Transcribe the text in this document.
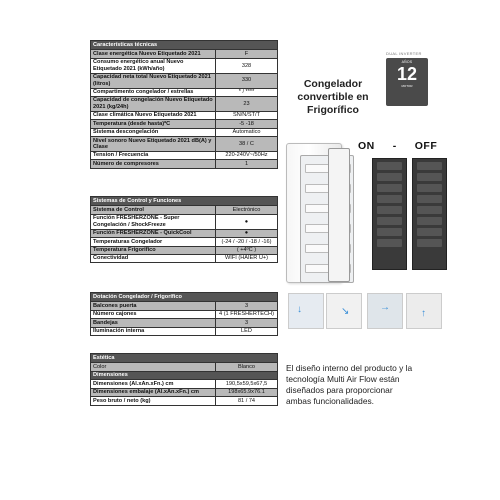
Características técnicas	
Clase energética Nuevo Etiquetado 2021	F
Consumo energético anual Nuevo Etiquetado 2021 (kWh/año)	328
Capacidad neta total Nuevo Etiquetado 2021 (litros)	330
Compartimento congelador / estrellas	* / ****
Capacidad de congelación Nuevo Etiquetado 2021 (kg/24h)	23
Clase climática Nuevo Etiquetado 2021	SN/N/ST/T
Temperatura (desde hasta)ºC	-5 -18
Sistema descongelación	Automatico
Nivel sonoro Nuevo Etiquetado 2021 dB(A) y Clase	38 / C
Tension / Frecuencia	220-240V~/50Hz
Número de compresores	1
Sistemas de Control y Funciones	
Sistema de Control	Electrónico
Función FRESHERZONE - Super Congelación / ShockFreeze	●
Función FRESHERZONE - QuickCool	●
Temperaturas Congelador	(-24 / -20 / -18 / -16)
Temperatura Frigorifico	( +4ºC )
Conectividad	WIFI (HAIER U+)
Dotación Congelador / Frigorífico	
Balcones puerta	3
Número cajones	4 (1 FRESHERTECH)
Bandejas	3
Iluminación interna	LED
Estética	
Color	Blanco
Dimensiones	
Dimensiones (Al.xAn.xFn.) cm	190,5x59,5x67,5
Dimensiones embalaje (Al.xAn.xFn.) cm	198x65.9x76.1
Peso bruto / neto (kg)	81 / 74
DUAL INVERTER
AÑOS
12
MOTOR
Congelador convertible en Frigorífico
ON - OFF
↓	↘	→
↑
El diseño interno del producto y la tecnología Multi Air Flow están diseñados para proporcionar ambas funcionalidades.
